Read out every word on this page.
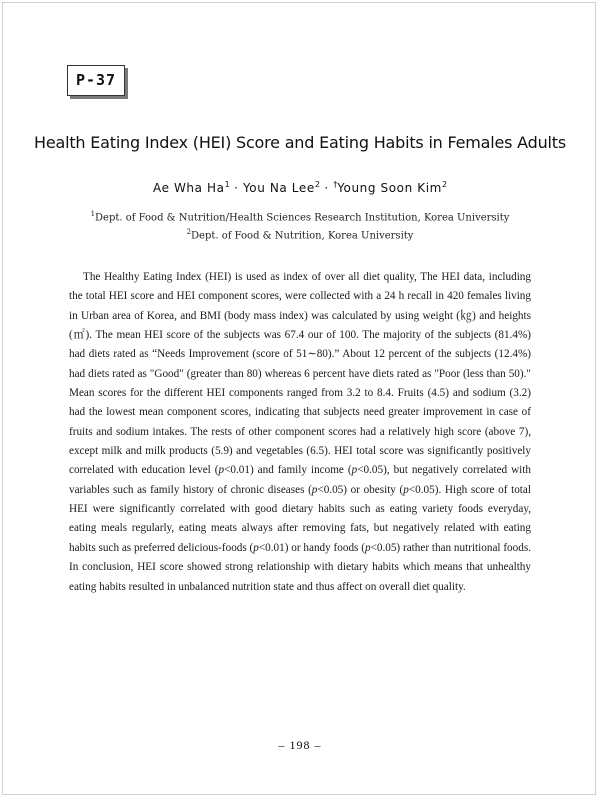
P-37
Health Eating Index (HEI) Score and Eating Habits in Females Adults
Ae Wha $Ha^1$ · You Na Lee$^2$ · †Young Soon Kim$^2$
$^1$Dept. of Food & Nutrition/Health Sciences Research Institution, Korea University
$^2$Dept. of Food & Nutrition, Korea University

The Healthy Eating Index (HEI) is used as index of over all diet quality, The HEI data, including the total HEI score and HEI component scores, were collected with a 24 h recall in 420 females living in Urban area of Korea, and BMI (body mass index) was calculated by using weight (㎏) and heights (㎡). The mean HEI score of the subjects was 67.4 our of 100. The majority of the subjects (81.4%) had diets rated as “Needs Improvement (score of 51∼80).” About 12 percent of the subjects (12.4%) had diets rated as "Good" (greater than 80) whereas 6 percent have diets rated as "Poor (less than 50)." Mean scores for the different HEI components ranged from 3.2 to 8.4. Fruits (4.5) and sodium (3.2) had the lowest mean component scores, indicating that subjects need greater improvement in case of fruits and sodium intakes. The rests of other component scores had a relatively high score (above 7), except milk and milk products (5.9) and vegetables (6.5). HEI total score was significantly positively correlated with education level (p<0.01) and family income (p<0.05), but negatively correlated with variables such as family history of chronic diseases (p<0.05) or obesity (p<0.05). High score of total HEI were significantly correlated with good dietary habits such as eating variety foods everyday, eating meals regularly, eating meats always after removing fats, but negatively related with eating habits such as preferred delicious-foods (p<0.01) or handy foods (p<0.05) rather than nutritional foods. In conclusion, HEI score showed strong relationship with dietary habits which means that unhealthy eating habits resulted in unbalanced nutrition state and thus affect on overall diet quality.

– 198 –
